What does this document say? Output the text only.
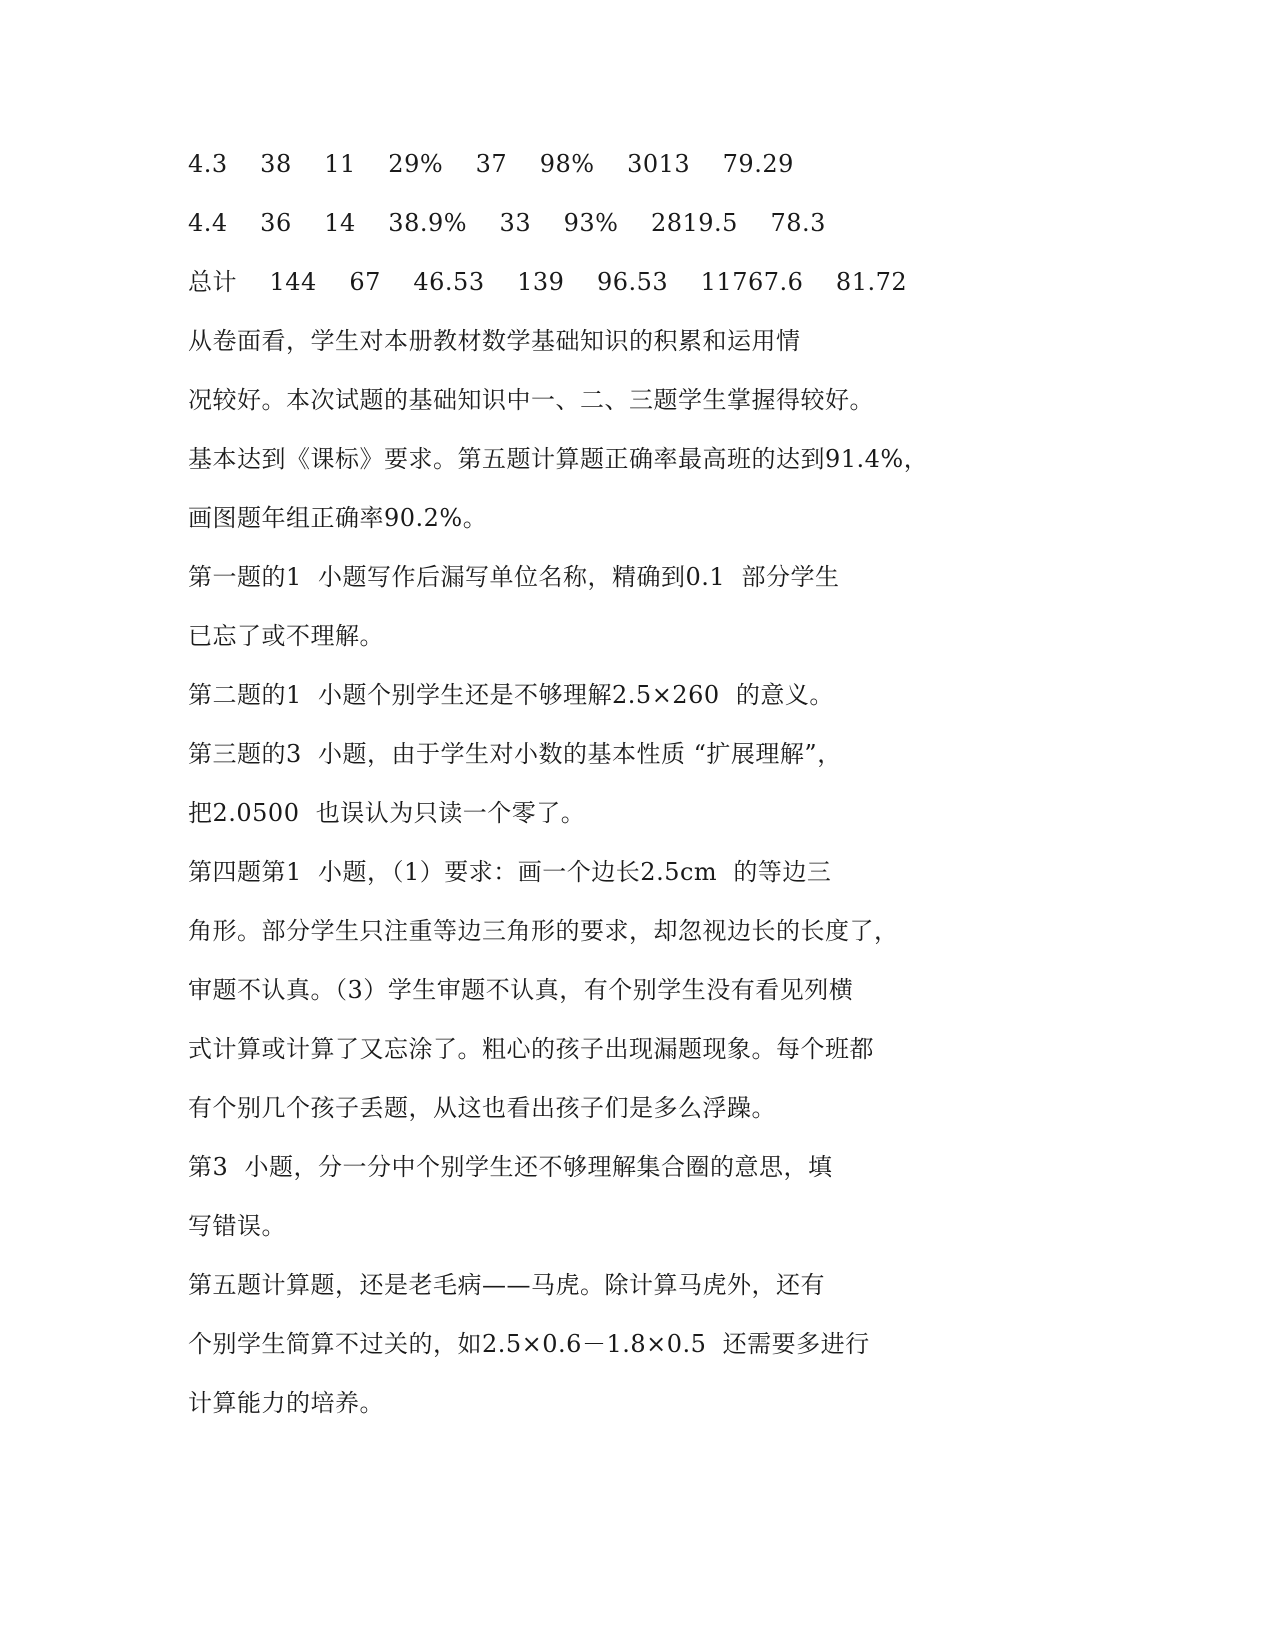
4.3    38    11    29%    37    98%    3013    79.29
4.4    36    14    38.9%    33    93%    2819.5    78.3
总计    144    67    46.53    139    96.53    11767.6    81.72
从卷面看，学生对本册教材数学基础知识的积累和运用情
况较好。本次试题的基础知识中一、二、三题学生掌握得较好。
基本达到《课标》要求。第五题计算题正确率最高班的达到91.4%，
画图题年组正确率90.2%。
第一题的1  小题写作后漏写单位名称，精确到0.1  部分学生
已忘了或不理解。
第二题的1  小题个别学生还是不够理解2.5×260  的意义。
第三题的3  小题，由于学生对小数的基本性质 “扩展理解”，
把2.0500  也误认为只读一个零了。
第四题第1  小题，（1）要求：画一个边长2.5cm  的等边三
角形。部分学生只注重等边三角形的要求，却忽视边长的长度了，
审题不认真。（3）学生审题不认真，有个别学生没有看见列横
式计算或计算了又忘涂了。粗心的孩子出现漏题现象。每个班都
有个别几个孩子丢题，从这也看出孩子们是多么浮躁。
第3  小题，分一分中个别学生还不够理解集合圈的意思，填
写错误。
第五题计算题，还是老毛病——马虎。除计算马虎外，还有
个别学生简算不过关的，如2.5×0.6－1.8×0.5  还需要多进行
计算能力的培养。
